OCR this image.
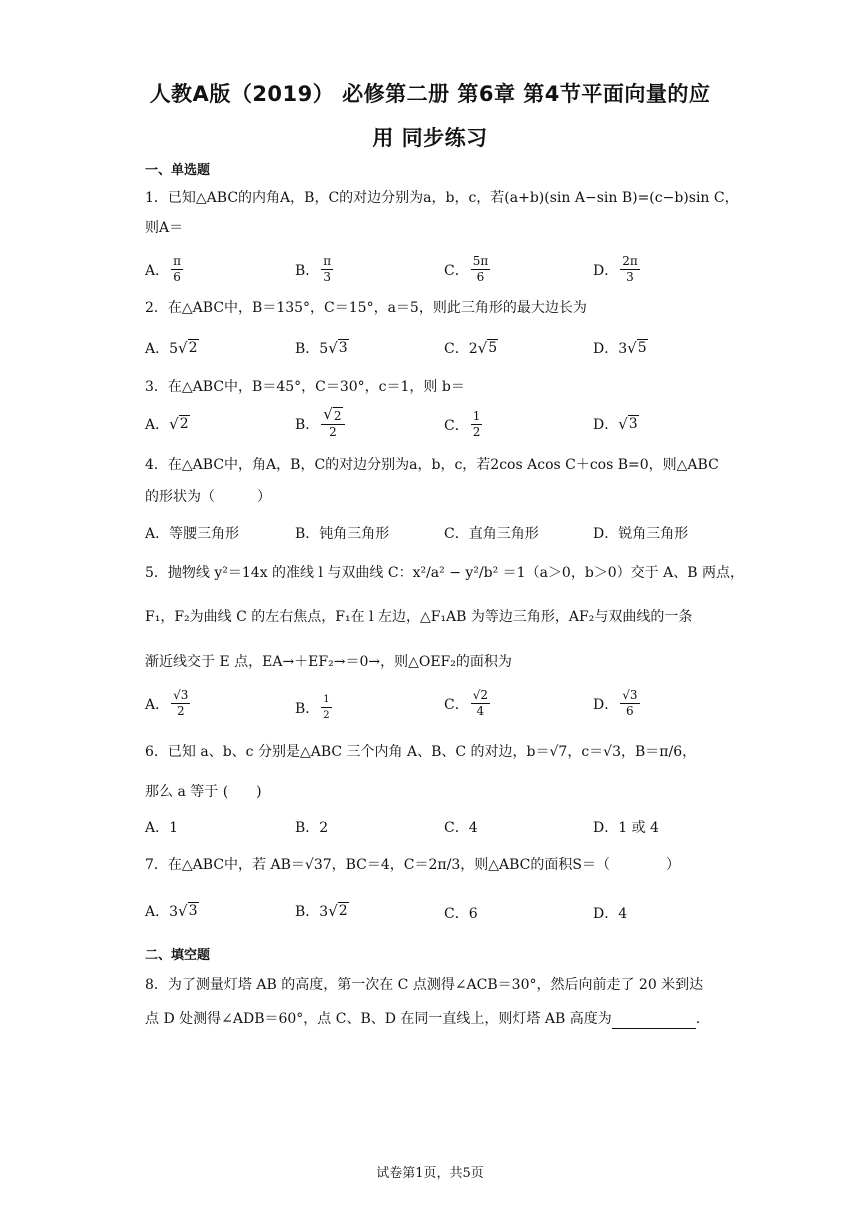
人教A版（2019） 必修第二册 第6章 第4节平面向量的应
用 同步练习
一、单选题
1．已知△ABC的内角A，B，C的对边分别为a，b，c，若(a+b)(sin A−sin B)=(c−b)sin C，
则A＝
A． $\frac{\pi}{6}$	B． $\frac{\pi}{3}$	C． $\frac{5\pi}{6}$	D． $\frac{2\pi}{3}$
2．在△ABC中，B＝135°，C＝15°，a＝5，则此三角形的最大边长为
A．5 √ 2	B．5 √ 3	C．2 √ 5	D．3 √ 5
3．在△ABC中，B＝45°，C＝30°，c＝1，则 b＝
A． √ 2	B． $\frac{√ 2}{2}$	C． $\frac{1}{2}$	D． √ 3
4．在△ABC中，角A，B，C的对边分别为a，b，c，若2cos Acos C＋cos B=0，则△ABC
的形状为（　　　）
A．等腰三角形	B．钝角三角形	C．直角三角形	D．锐角三角形
5．抛物线 y²＝14x 的准线 l 与双曲线 C：x²/a² − y²/b² ＝1（a＞0，b＞0）交于 A、B 两点，
F₁，F₂为曲线 C 的左右焦点，F₁在 l 左边，△F₁AB 为等边三角形，AF₂与双曲线的一条
渐近线交于 E 点，EA→＋EF₂→＝0→，则△OEF₂的面积为
A． $\frac{√3}{2}$	B． $\frac{1}{2}$	C． $\frac{√2}{4}$	D． $\frac{√3}{6}$
6．已知 a、b、c 分别是△ABC 三个内角 A、B、C 的对边，b＝√7，c＝√3，B＝π/6，
那么 a 等于 (　　)
A．1	B．2	C．4	D．1 或 4
7．在△ABC中，若 AB＝√37，BC＝4，C＝2π/3，则△ABC的面积S＝（　　　　）
A．3 √ 3	B．3 √ 2	C．6	D．4
二、填空题
8．为了测量灯塔 AB 的高度，第一次在 C 点测得∠ACB＝30°，然后向前走了 20 米到达
点 D 处测得∠ADB＝60°，点 C、B、D 在同一直线上，则灯塔 AB 高度为	.
试卷第1页，共5页
